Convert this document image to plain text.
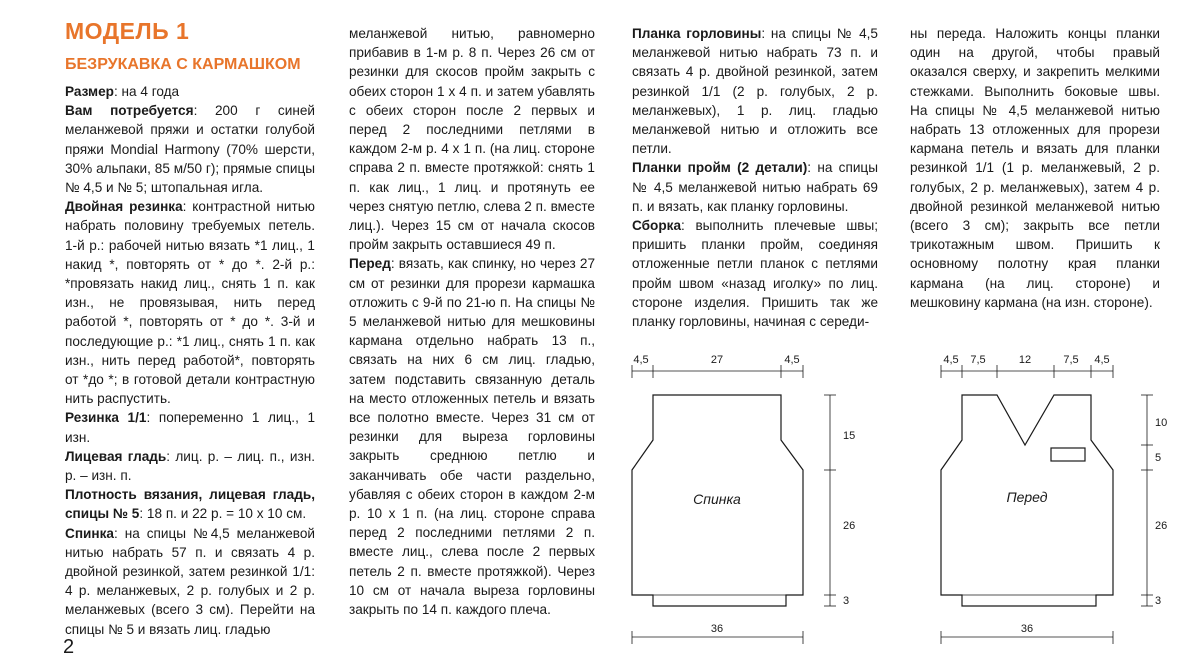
МОДЕЛЬ 1
БЕЗРУКАВКА С КАРМАШКОМ

Размер: на 4 года

Вам потребуется: 200 г синей меланжевой пряжи и остатки голубой пряжи Mondial Harmony (70% шерсти, 30% альпаки, 85 м/50 г); прямые спицы № 4,5 и № 5; штопальная игла.

Двойная резинка: контрастной нитью набрать половину требуемых петель. 1-й р.: рабочей нитью вязать *1 лиц., 1 накид *, повторять от * до *. 2-й р.: *провязать накид лиц., снять 1 п. как изн., не провязывая, нить перед работой *, повторять от * до *. 3-й и последующие р.: *1 лиц., снять 1 п. как изн., нить перед работой*, повторять от *до *; в готовой детали контрастную нить распустить.

Резинка 1/1: попеременно 1 лиц., 1 изн.

Лицевая гладь: лиц. р. – лиц. п., изн. р. – изн. п.

Плотность вязания, лицевая гладь, спицы № 5: 18 п. и 22 р. = 10 х 10 см.

Спинка: на спицы №4,5 меланжевой нитью набрать 57 п. и связать 4 р. двойной резинкой, затем резинкой 1/1: 4 р. меланжевых, 2 р. голубых и 2 р. меланжевых (всего 3 см). Перейти на спицы № 5 и вязать лиц. гладью

меланжевой нитью, равномерно прибавив в 1-м р. 8 п. Через 26 см от резинки для скосов пройм закрыть с обеих сторон 1 х 4 п. и затем убавлять с обеих сторон после 2 первых и перед 2 последними петлями в каждом 2-м р. 4 х 1 п. (на лиц. стороне справа 2 п. вместе протяжкой: снять 1 п. как лиц., 1 лиц. и протянуть ее через снятую петлю, слева 2 п. вместе лиц.). Через 15 см от начала скосов пройм закрыть оставшиеся 49 п.

Перед: вязать, как спинку, но через 27 см от резинки для прорези кармашка отложить с 9-й по 21-ю п. На спицы № 5 меланжевой нитью для мешковины кармана отдельно набрать 13 п., связать на них 6 см лиц. гладью, затем подставить связанную деталь на место отложенных петель и вязать все полотно вместе. Через 31 см от резинки для выреза горловины закрыть среднюю петлю и заканчивать обе части раздельно, убавляя с обеих сторон в каждом 2-м р. 10 х 1 п. (на лиц. стороне справа перед 2 последними петлями 2 п. вместе лиц., слева после 2 первых петель 2 п. вместе протяжкой). Через 10 см от начала выреза горловины закрыть по 14 п. каждого плеча.

Планка горловины: на спицы № 4,5 меланжевой нитью набрать 73 п. и связать 4 р. двойной резинкой, затем резинкой 1/1 (2 р. голубых, 2 р. меланжевых), 1 р. лиц. гладью меланжевой нитью и отложить все петли.

Планки пройм (2 детали): на спицы № 4,5 меланжевой нитью набрать 69 п. и вязать, как планку горловины.

Сборка: выполнить плечевые швы; пришить планки пройм, соединяя отложенные петли планок с петлями пройм швом «назад иголку» по лиц. стороне изделия. Пришить так же планку горловины, начиная с середи-

ны переда. Наложить концы планки один на другой, чтобы правый оказался сверху, и закрепить мелкими стежками. Выполнить боковые швы. На спицы № 4,5 меланжевой нитью набрать 13 отложенных для прорези кармана петель и вязать для планки резинкой 1/1 (1 р. меланжевый, 2 р. голубых, 2 р. меланжевых), затем 4 р. двойной резинкой меланжевой нитью (всего 3 см); закрыть все петли трикотажным швом. Пришить к основному полотну края планки кармана (на лиц. стороне) и мешковину кармана (на изн. стороне).

4,5	27	4,5
15
26
3
36
Спинка
4,5 7,5	12	7,5 4,5
10
5
26
3
36
Перед
2
